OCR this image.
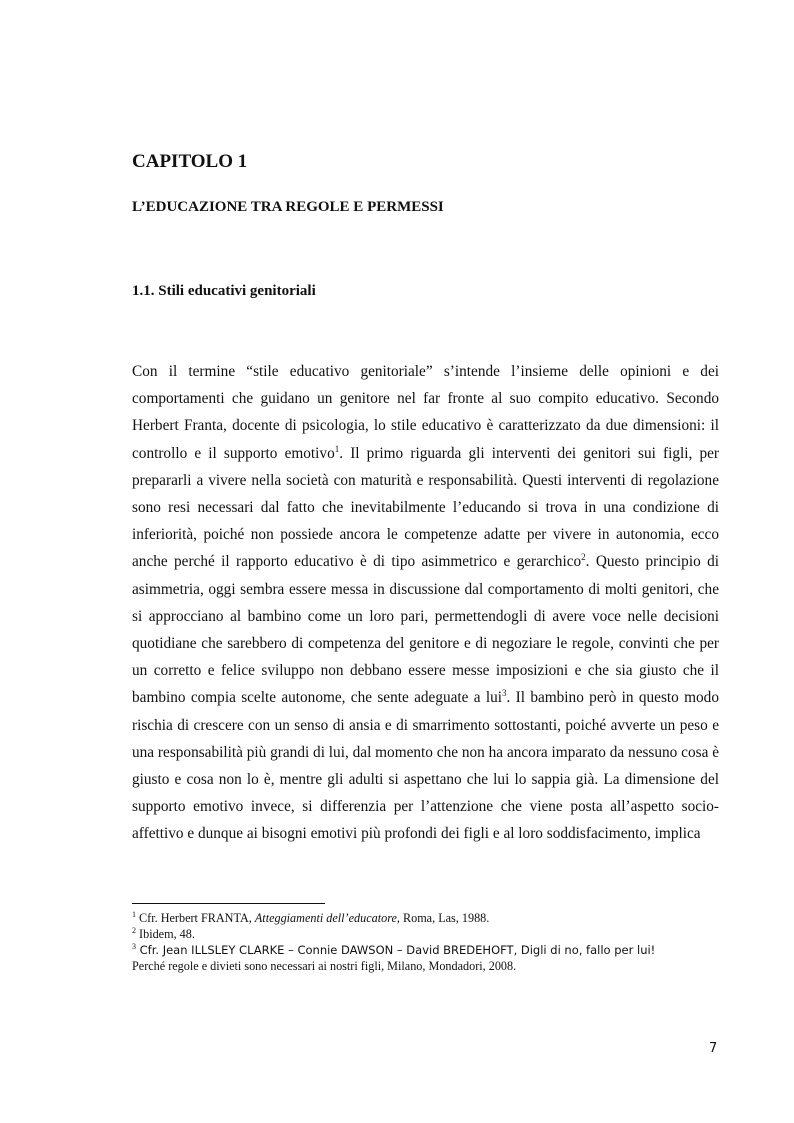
CAPITOLO 1
L’EDUCAZIONE TRA REGOLE E PERMESSI
1.1. Stili educativi genitoriali

Con il termine “stile educativo genitoriale” s’intende l’insieme delle opinioni e dei comportamenti che guidano un genitore nel far fronte al suo compito educativo. Secondo Herbert Franta, docente di psicologia, lo stile educativo è caratterizzato da due dimensioni: il controllo e il supporto emotivo$^1$. Il primo riguarda gli interventi dei genitori sui figli, per prepararli a vivere nella società con maturità e responsabilità. Questi interventi di regolazione sono resi necessari dal fatto che inevitabilmente l’educando si trova in una condizione di inferiorità, poiché non possiede ancora le competenze adatte per vivere in autonomia, ecco anche perché il rapporto educativo è di tipo asimmetrico e gerarchico$^2$. Questo principio di asimmetria, oggi sembra essere messa in discussione dal comportamento di molti genitori, che si approcciano al bambino come un loro pari, permettendogli di avere voce nelle decisioni quotidiane che sarebbero di competenza del genitore e di negoziare le regole, convinti che per un corretto e felice sviluppo non debbano essere messe imposizioni e che sia giusto che il bambino compia scelte autonome, che sente adeguate a lui$^3$. Il bambino però in questo modo rischia di crescere con un senso di ansia e di smarrimento sottostanti, poiché avverte un peso e una responsabilità più grandi di lui, dal momento che non ha ancora imparato da nessuno cosa è giusto e cosa non lo è, mentre gli adulti si aspettano che lui lo sappia già. La dimensione del supporto emotivo invece, si differenzia per l’attenzione che viene posta all’aspetto socio-affettivo e dunque ai bisogni emotivi più profondi dei figli e al loro soddisfacimento, implica

$^1$ Cfr. Herbert FRANTA, Atteggiamenti dell’educatore, Roma, Las, 1988.

$^2$ Ibidem, 48.

$^3$ Cfr. Jean ILLSLEY CLARKE – Connie DAWSON – David BREDEHOFT, Digli di no, fallo per lui!

Perché regole e divieti sono necessari ai nostri figli, Milano, Mondadori, 2008.

7
